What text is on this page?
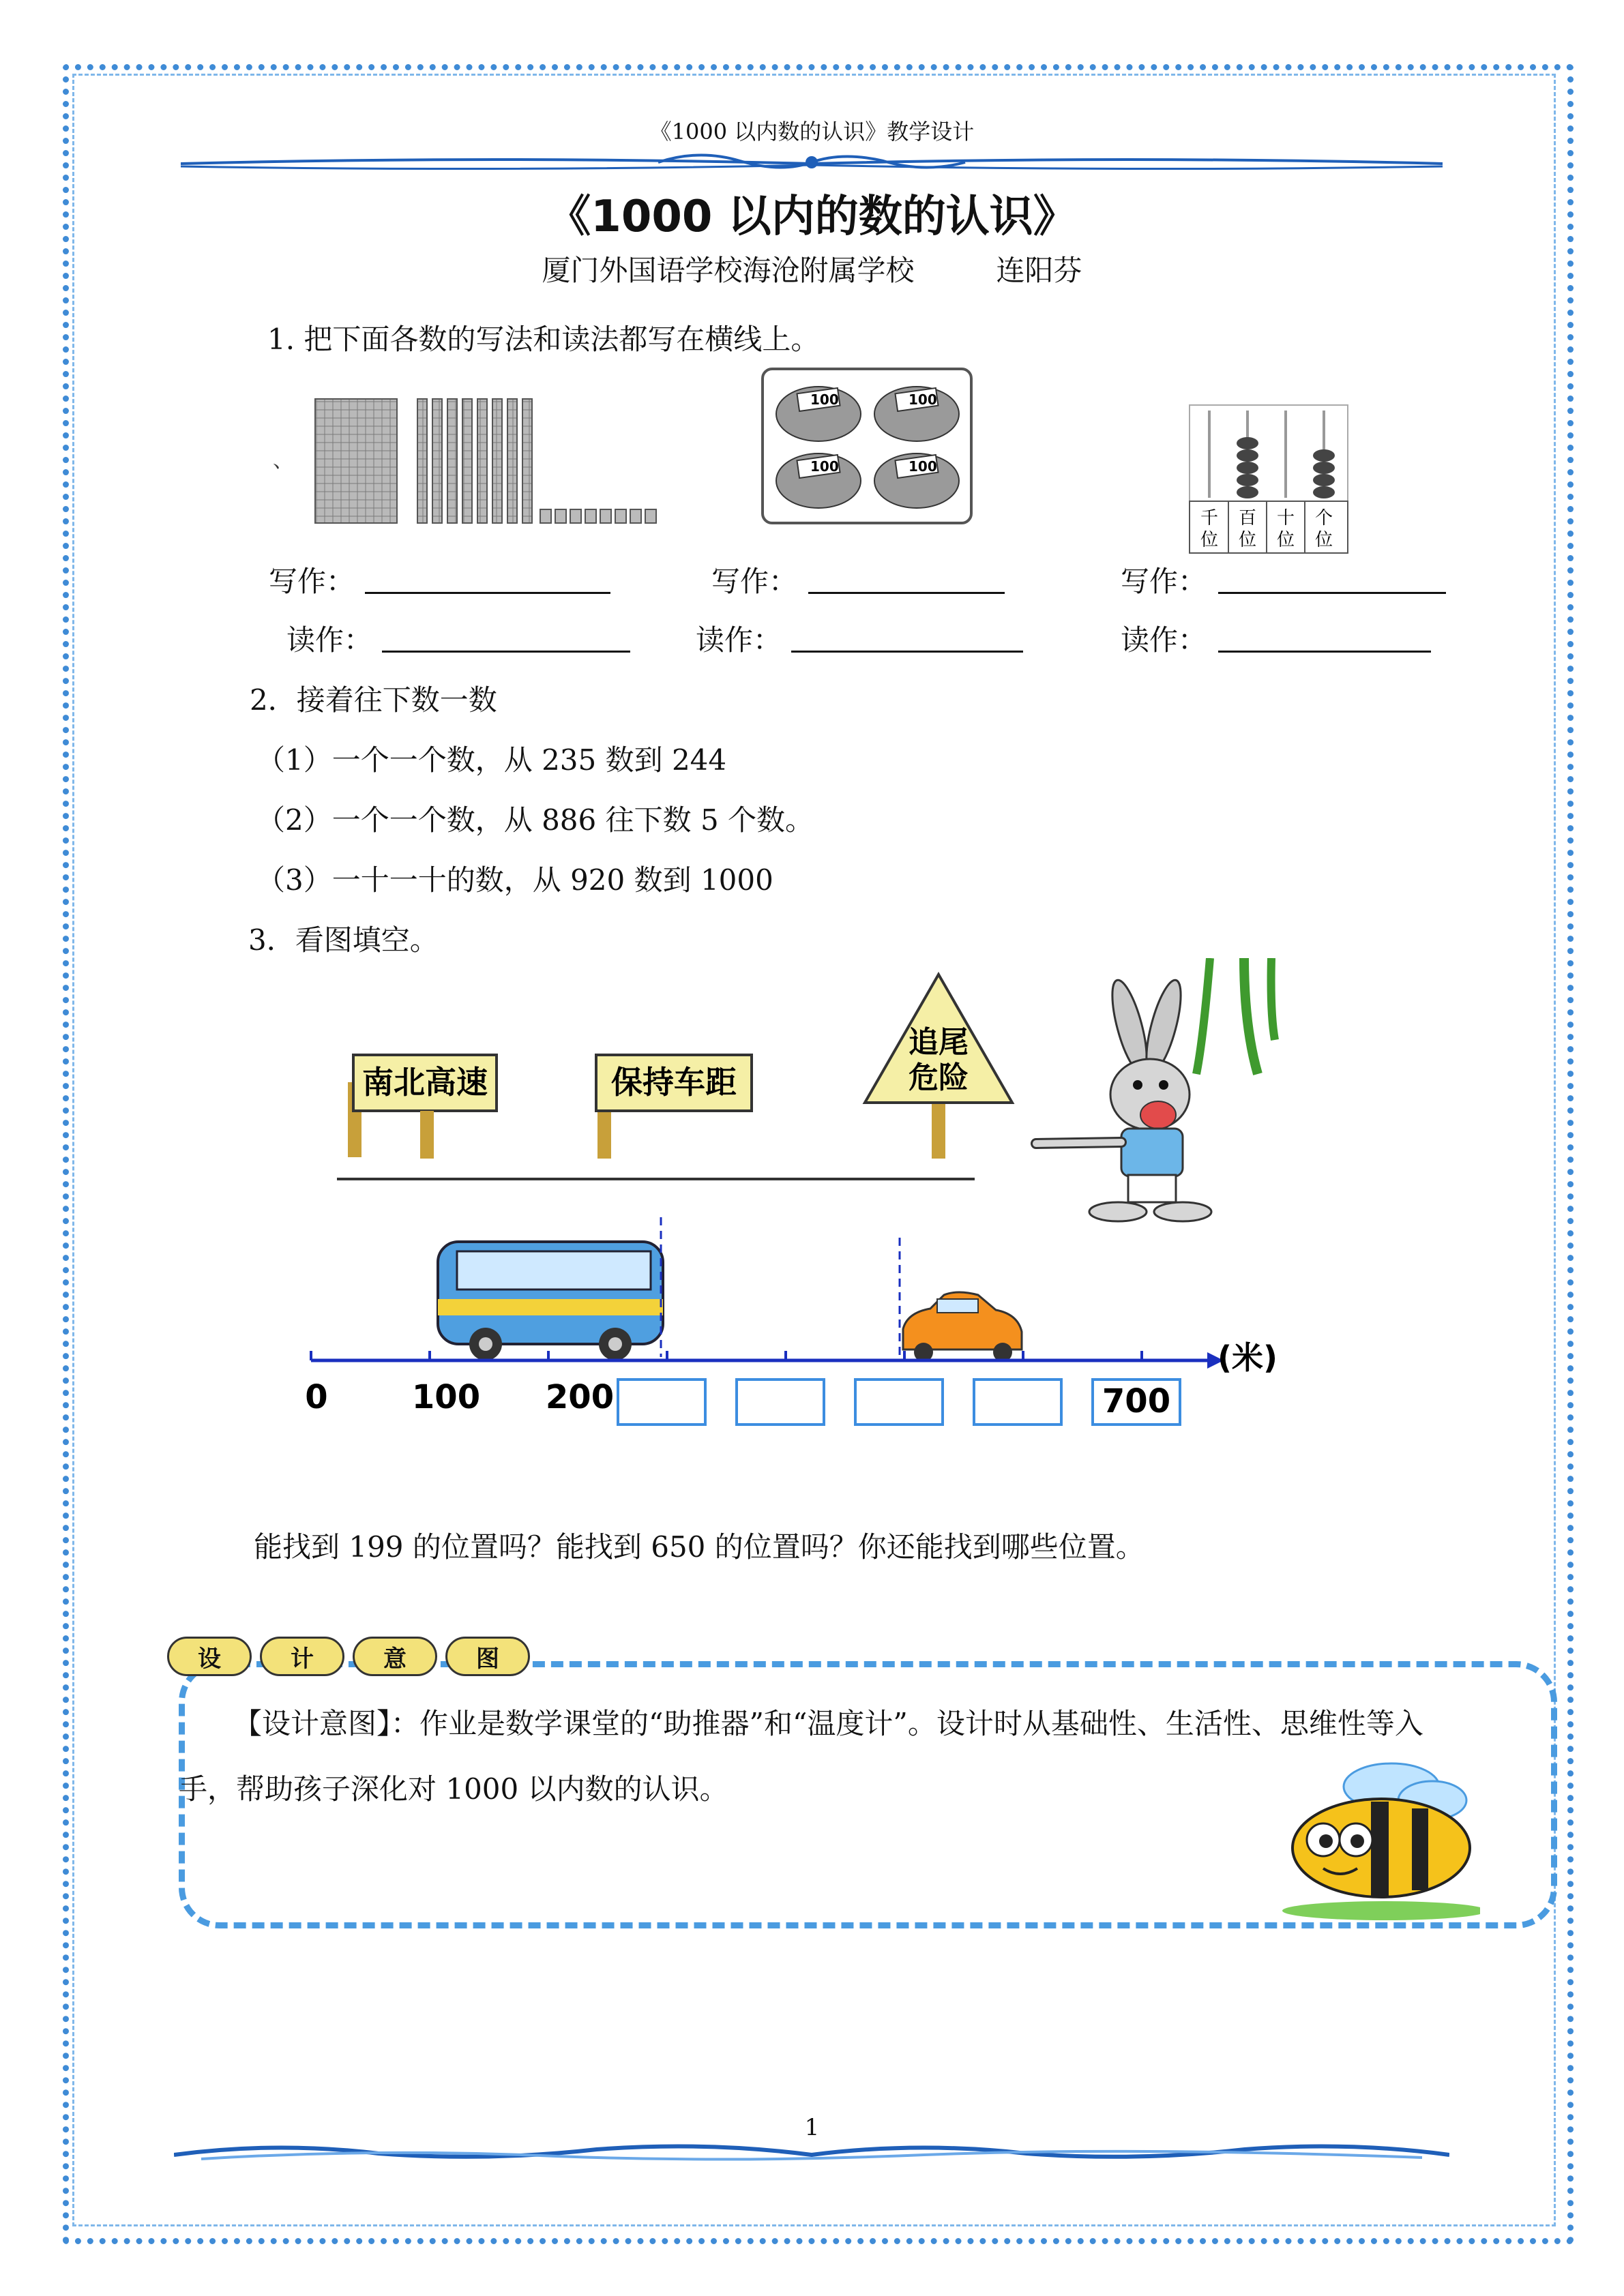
《1000 以内数的认识》教学设计
《1000 以内的数的认识》
厦门外国语学校海沧附属学校	连阳芬
1. 把下面各数的写法和读法都写在横线上。
、
100	100
100	100
千位
百位
十位
个位
写作：	写作：	写作：
读作：	读作：	读作：
2．接着往下数一数
（1）一个一个数，从 235 数到 244
（2）一个一个数，从 886 往下数 5 个数。
（3）一十一十的数，从 920 数到 1000
3．看图填空。
南北高速	保持车距
追尾
危险
(米)
0	100 200	700
能找到 199 的位置吗？能找到 650 的位置吗？你还能找到哪些位置。
设	计	意	图
【设计意图】：作业是数学课堂的“助推器”和“温度计”。设计时从基础性、生活性、思维性等入手，帮助孩子深化对 1000 以内数的认识。
1
